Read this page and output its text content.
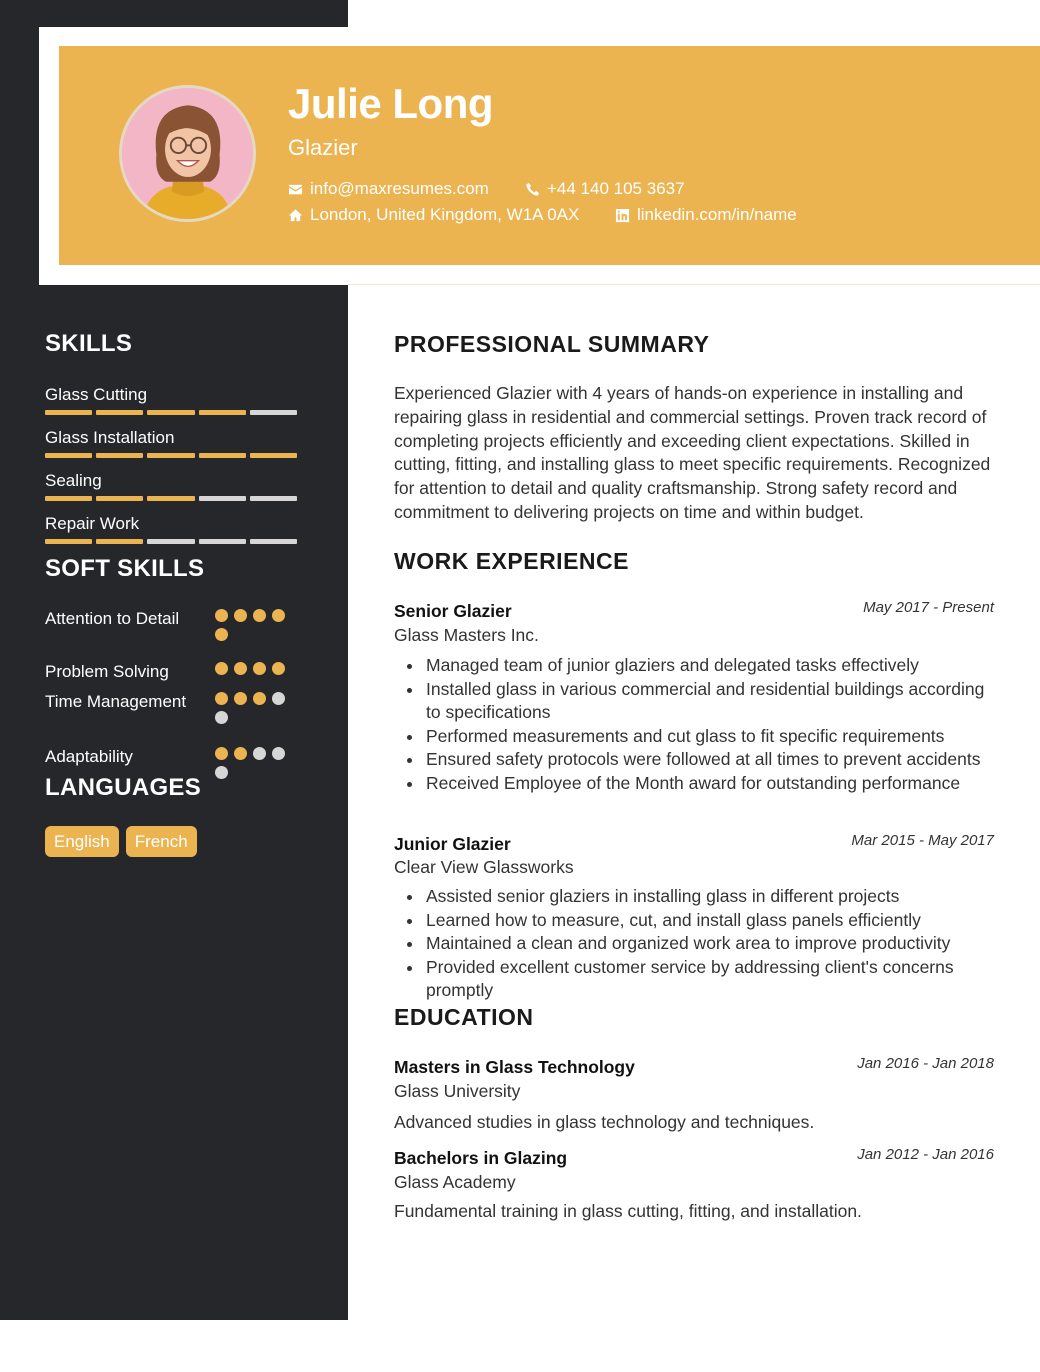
Julie Long
Glazier
info@maxresumes.com	+44 140 105 3637
London, United Kingdom, W1A 0AX	linkedin.com/in/name
SKILLS
Glass Cutting
Glass Installation
Sealing
Repair Work
SOFT SKILLS
Attention to Detail
Problem Solving
Time Management
Adaptability
LANGUAGES
English	French
PROFESSIONAL SUMMARY
Experienced Glazier with 4 years of hands-on experience in installing and repairing glass in residential and commercial settings. Proven track record of completing projects efficiently and exceeding client expectations. Skilled in cutting, fitting, and installing glass to meet specific requirements. Recognized for attention to detail and quality craftsmanship. Strong safety record and commitment to delivering projects on time and within budget.
WORK EXPERIENCE
Senior Glazier	May 2017 - Present
Glass Masters Inc.
Managed team of junior glaziers and delegated tasks effectively
Installed glass in various commercial and residential buildings according to specifications
Performed measurements and cut glass to fit specific requirements
Ensured safety protocols were followed at all times to prevent accidents
Received Employee of the Month award for outstanding performance
Junior Glazier	Mar 2015 - May 2017
Clear View Glassworks
Assisted senior glaziers in installing glass in different projects
Learned how to measure, cut, and install glass panels efficiently
Maintained a clean and organized work area to improve productivity
Provided excellent customer service by addressing client's concerns promptly
EDUCATION
Masters in Glass Technology	Jan 2016 - Jan 2018
Glass University
Advanced studies in glass technology and techniques.
Bachelors in Glazing	Jan 2012 - Jan 2016
Glass Academy
Fundamental training in glass cutting, fitting, and installation.
